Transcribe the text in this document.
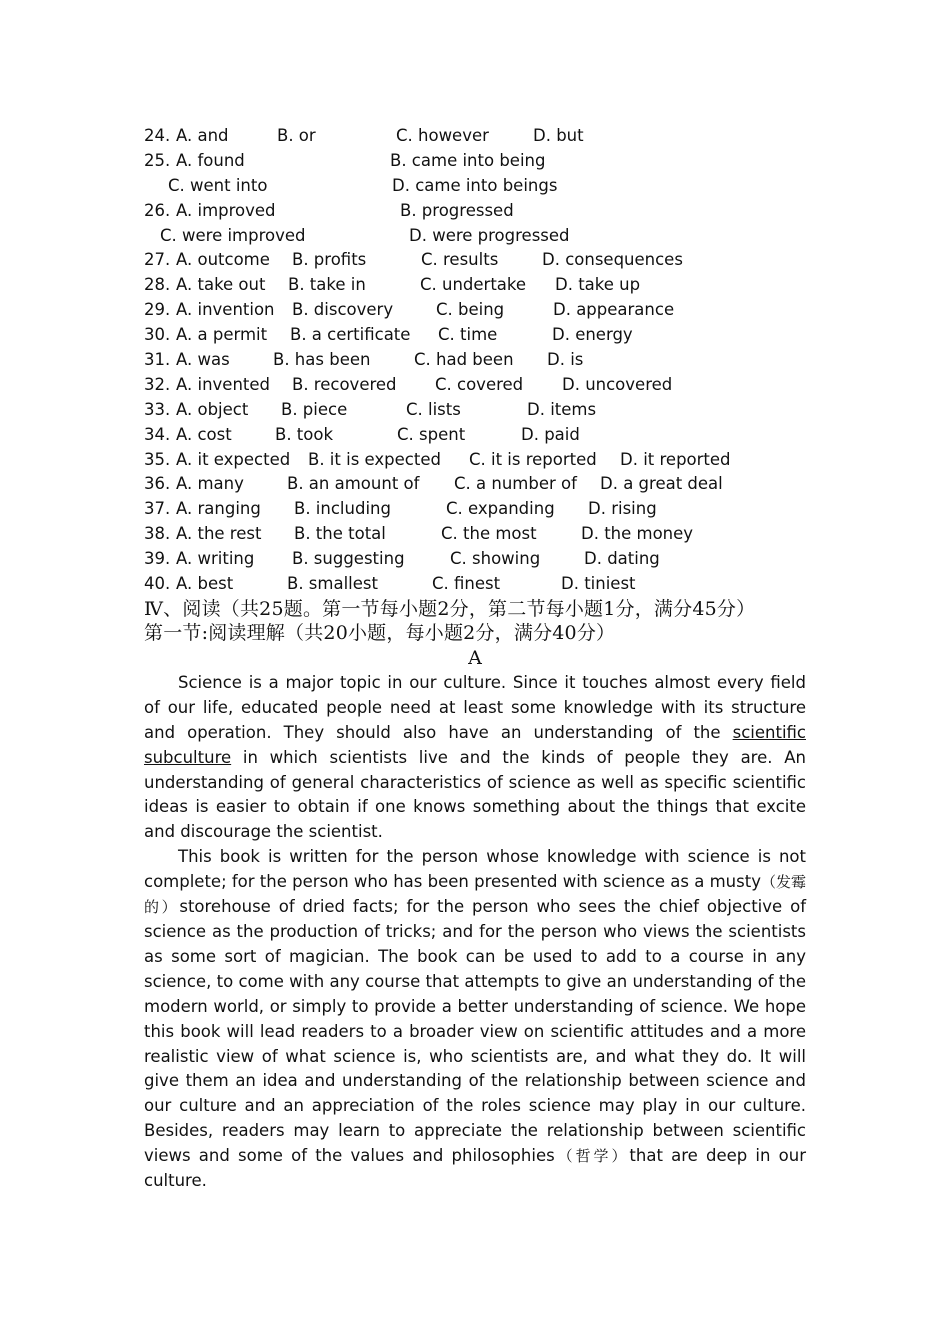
24. A. and	B. or	C. however	D. but
25. A. found	B. came into being
C. went into	D. came into beings
26. A. improved	B. progressed
C. were improved	D. were progressed
27. A. outcome B. profits	C. results	D. consequences
28. A. take out B. take in	C. undertake D. take up
29. A. invention B. discovery	C. being	D. appearance
30. A. a permit B. a certificate C. time	D. energy
31. A. was	B. has been	C. had been D. is
32. A. invented B. recovered C. covered D. uncovered
33. A. object B. piece	C. lists	D. items
34. A. cost	B. took	C. spent	D. paid
35. A. it expected B. it is expected C. it is reported D. it reported
36. A. many	B. an amount of C. a number of D. a great deal
37. A. ranging B. including	C. expanding D. rising
38. A. the rest B. the total	C. the most	D. the money
39. A. writing B. suggesting	C. showing	D. dating
40. A. best	B. smallest	C. finest	D. tiniest
Ⅳ、阅读（共25题。第一节每小题2分，第二节每小题1分，满分45分）
第一节:阅读理解（共20小题，每小题2分，满分40分）
A

Science is a major topic in our culture. Since it touches almost every field of our life, educated people need at least some knowledge with its structure and operation. They should also have an understanding of the scientific subculture in which scientists live and the kinds of people they are. An understanding of general characteristics of science as well as specific scientific ideas is easier to obtain if one knows something about the things that excite and discourage the scientist.

This book is written for the person whose knowledge with science is not complete; for the person who has been presented with science as a musty（发霉的）storehouse of dried facts; for the person who sees the chief objective of science as the production of tricks; and for the person who views the scientists as some sort of magician. The book can be used to add to a course in any science, to come with any course that attempts to give an understanding of the modern world, or simply to provide a better understanding of science. We hope this book will lead readers to a broader view on scientific attitudes and a more realistic view of what science is, who scientists are, and what they do. It will give them an idea and understanding of the relationship between science and our culture and an appreciation of the roles science may play in our culture. Besides, readers may learn to appreciate the relationship between scientific views and some of the values and philosophies（哲学）that are deep in our culture.
